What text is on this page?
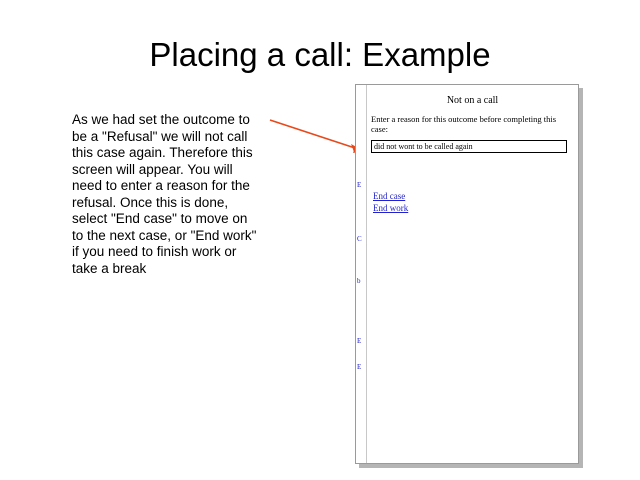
Placing a call: Example
As we had set the outcome to be a "Refusal" we will not call this case again. Therefore this screen will appear. You will need to enter a reason for the refusal. Once this is done, select "End case" to move on to the next case, or "End work" if you need to finish work or take a break
E
C
b
E
E
Not on a call
Enter a reason for this outcome before completing this case:
did not wont to be called again
End case
End work
